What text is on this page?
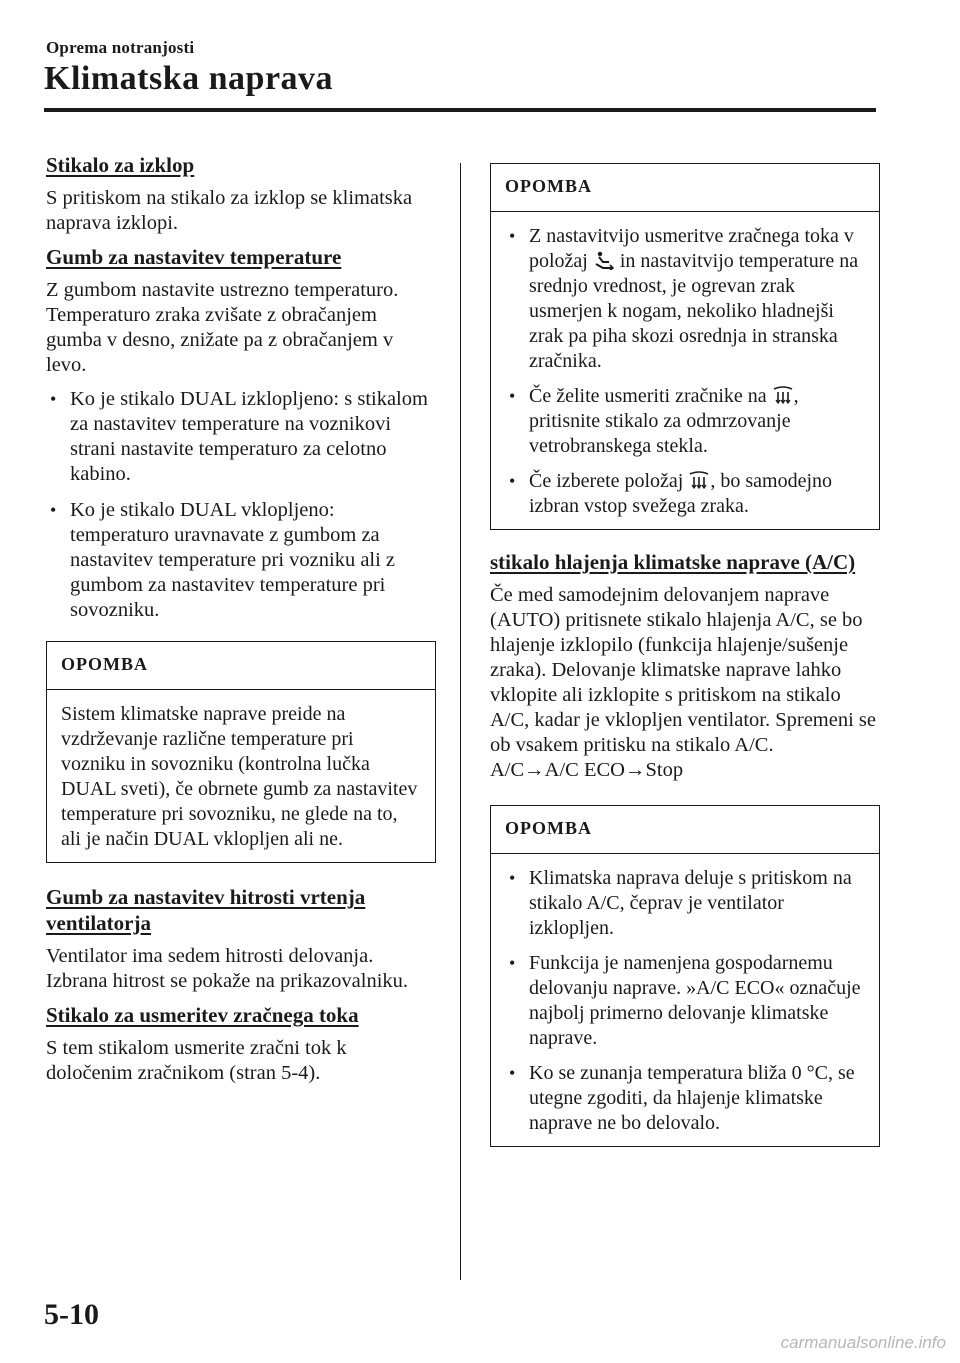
Oprema notranjosti
Klimatska naprava
Stikalo za izklop

S pritiskom na stikalo za izklop se klimatska naprava izklopi.

Gumb za nastavitev temperature

Z gumbom nastavite ustrezno temperaturo. Temperaturo zraka zvišate z obračanjem gumba v desno, znižate pa z obračanjem v levo.

• Ko je stikalo DUAL izklopljeno: s stikalom za nastavitev temperature na voznikovi strani nastavite temperaturo za celotno kabino.
• Ko je stikalo DUAL vklopljeno: temperaturo uravnavate z gumbom za nastavitev temperature pri vozniku ali z gumbom za nastavitev temperature pri sovozniku.
OPOMBA

Sistem klimatske naprave preide na vzdrževanje različne temperature pri vozniku in sovozniku (kontrolna lučka DUAL sveti), če obrnete gumb za nastavitev temperature pri sovozniku, ne glede na to, ali je način DUAL vklopljen ali ne.

Gumb za nastavitev hitrosti vrtenja ventilatorja

Ventilator ima sedem hitrosti delovanja. Izbrana hitrost se pokaže na prikazovalniku.

Stikalo za usmeritev zračnega toka

S tem stikalom usmerite zračni tok k določenim zračnikom (stran 5-4).

OPOMBA
• Z nastavitvijo usmeritve zračnega toka v položaj in nastavitvijo temperature na srednjo vrednost, je ogrevan zrak usmerjen k nogam, nekoliko hladnejši zrak pa piha skozi osrednja in stranska zračnika.
• Če želite usmeriti zračnike na , pritisnite stikalo za odmrzovanje vetrobranskega stekla.
• Če izberete položaj , bo samodejno izbran vstop svežega zraka.
stikalo hlajenja klimatske naprave (A/C)

Če med samodejnim delovanjem naprave (AUTO) pritisnete stikalo hlajenja A/C, se bo hlajenje izklopilo (funkcija hlajenje/sušenje zraka). Delovanje klimatske naprave lahko vklopite ali izklopite s pritiskom na stikalo A/C, kadar je vklopljen ventilator. Spremeni se ob vsakem pritisku na stikalo A/C.

A/C→A/C ECO→Stop

OPOMBA
• Klimatska naprava deluje s pritiskom na stikalo A/C, čeprav je ventilator izklopljen.
• Funkcija je namenjena gospodarnemu delovanju naprave. »A/C ECO« označuje najbolj primerno delovanje klimatske naprave.
• Ko se zunanja temperatura bliža 0 °C, se utegne zgoditi, da hlajenje klimatske naprave ne bo delovalo.
5-10
carmanualsonline.info
